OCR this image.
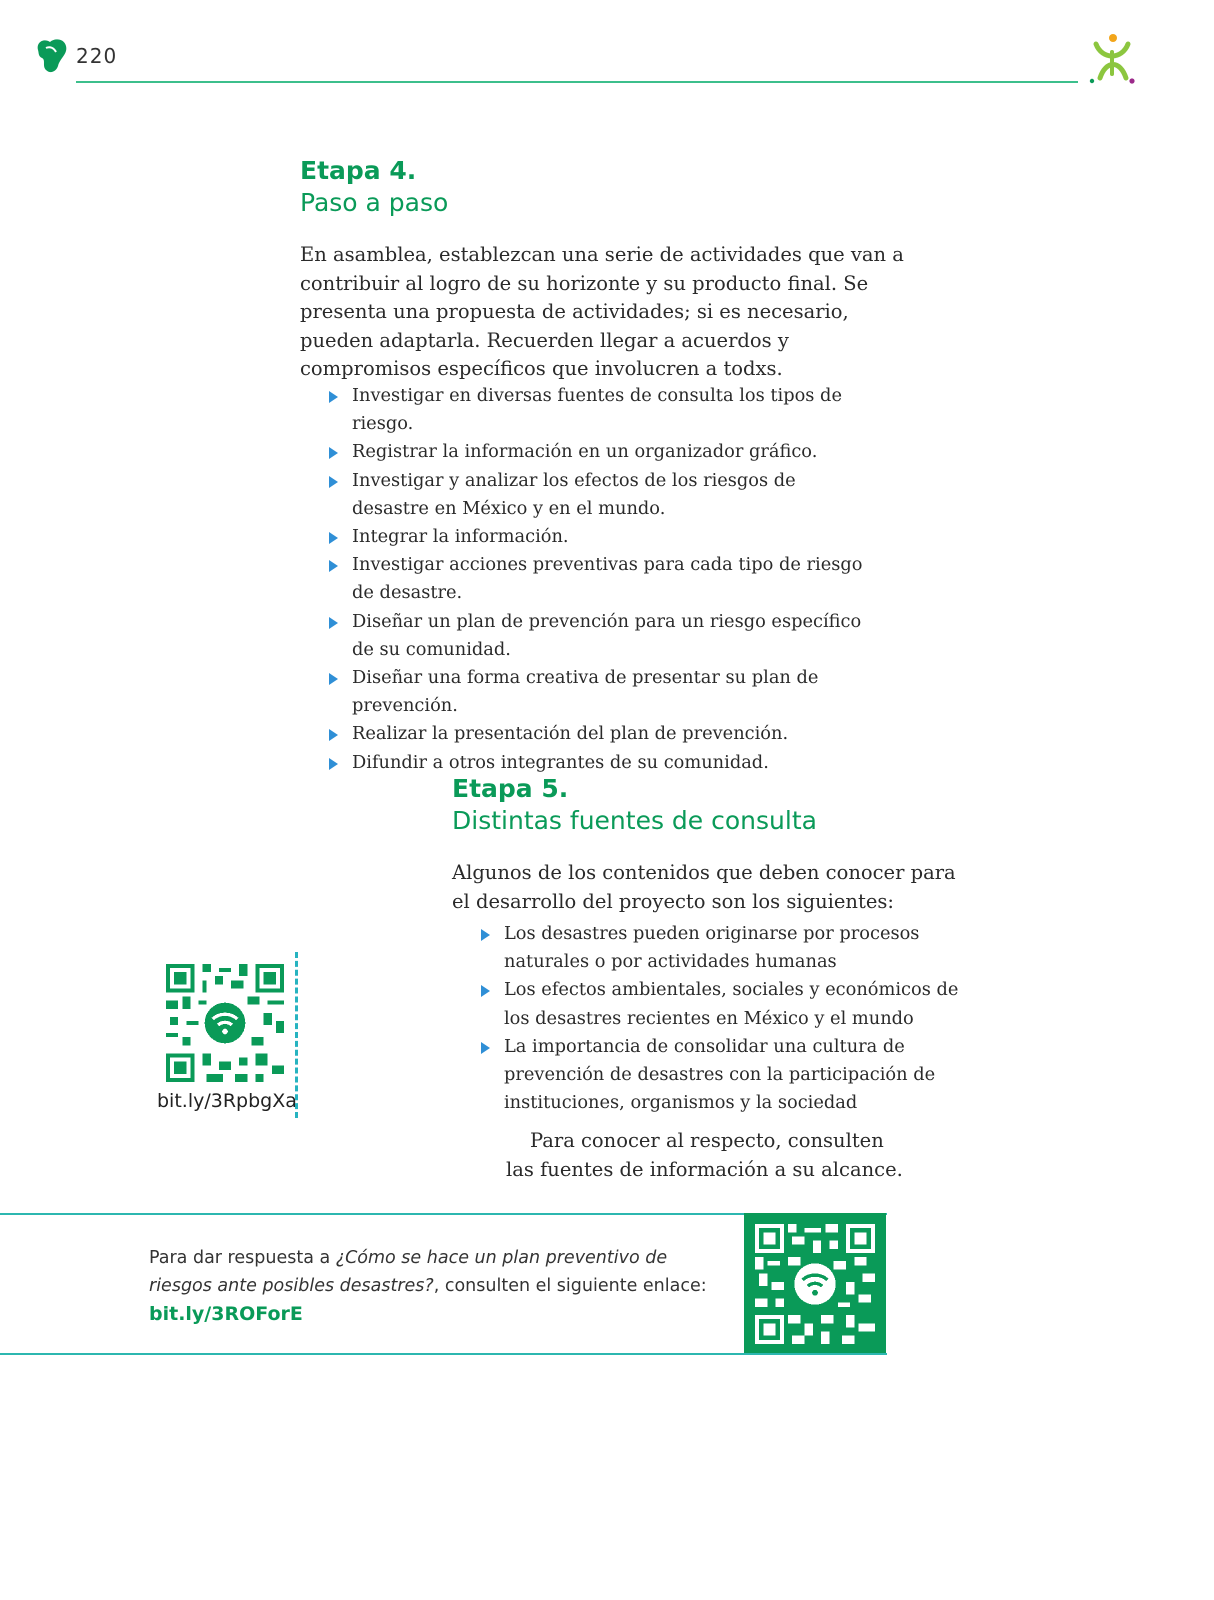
220
Etapa 4.
Paso a paso
En asamblea, establezcan una serie de actividades que van a contribuir al logro de su horizonte y su producto final. Se presenta una propuesta de actividades; si es necesario, pueden adaptarla. Recuerden llegar a acuerdos y compromisos específicos que involucren a todxs.
Investigar en diversas fuentes de consulta los tipos de riesgo.
Registrar la información en un organizador gráfico.
Investigar y analizar los efectos de los riesgos de desastre en México y en el mundo.
Integrar la información.
Investigar acciones preventivas para cada tipo de riesgo de desastre.
Diseñar un plan de prevención para un riesgo específico de su comunidad.
Diseñar una forma creativa de presentar su plan de prevención.
Realizar la presentación del plan de prevención.
Difundir a otros integrantes de su comunidad.
Etapa 5.
Distintas fuentes de consulta
Algunos de los contenidos que deben conocer para el desarrollo del proyecto son los siguientes:
Los desastres pueden originarse por procesos naturales o por actividades humanas
Los efectos ambientales, sociales y económicos de los desastres recientes en México y el mundo
La importancia de consolidar una cultura de prevención de desastres con la participación de instituciones, organismos y la sociedad
Para conocer al respecto, consulten las fuentes de información a su alcance.
bit.ly/3RpbgXa
Para dar respuesta a ¿Cómo se hace un plan preventivo de riesgos ante posibles desastres?, consulten el siguiente enlace:
bit.ly/3ROForE
